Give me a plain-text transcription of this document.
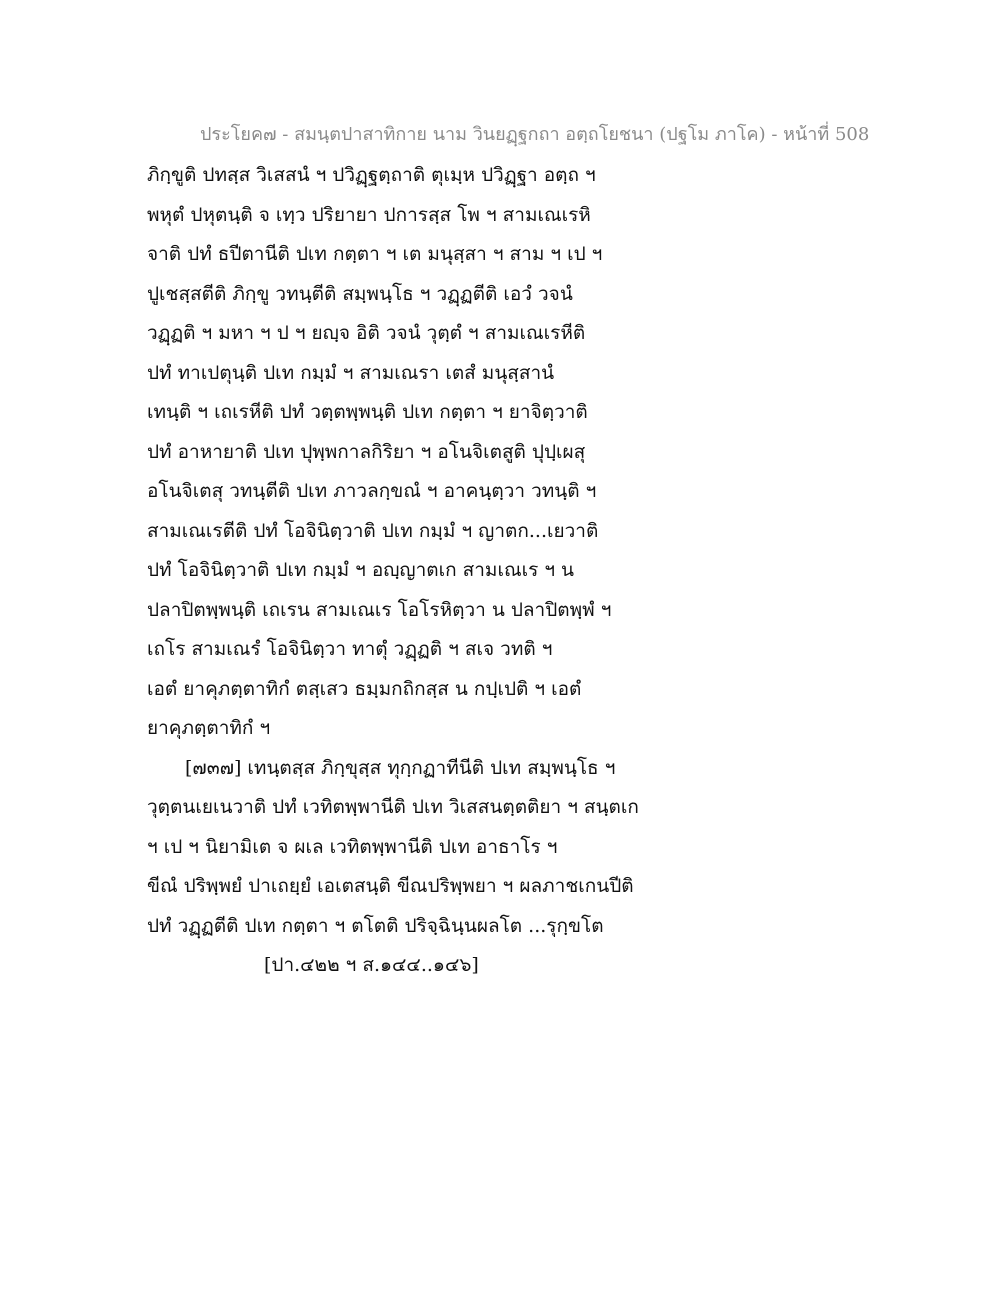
ประโยค๗ - สมนฺตปาสาทิกาย นาม วินยฏฺฐกถา อตฺถโยชนา (ปฐโม ภาโค) - หน้าที่ 508
ภิกฺขูติ ปทสฺส วิเสสนํ ฯ ปวิฏฺฐตฺถาติ ตุเมฺห ปวิฏฺฐา อตฺถ ฯ
พหุตํ ปหุตนฺติ จ เทฺว ปริยายา ปการสฺส โพ ฯ สามเณเรหิ
จาติ ปทํ ธปีตานีติ ปเท กตฺตา ฯ เต มนุสฺสา ฯ สาม ฯ เป ฯ
ปูเชสฺสตีติ ภิกฺขู วทนฺตีติ สมฺพนฺโธ ฯ วฏฺฏตีติ เอวํ วจนํ
วฏฺฏติ ฯ มหา ฯ ป ฯ ยญฺจ อิติ วจนํ วุตฺตํ ฯ สามเณเรหีติ
ปทํ ทาเปตุนฺติ ปเท กมฺมํ ฯ สามเณรา เตสํ มนุสฺสานํ
เทนฺติ ฯ เถเรหีติ ปทํ วตฺตพฺพนฺติ ปเท กตฺตา ฯ ยาจิตฺวาติ
ปทํ อาหายาติ ปเท ปุพฺพกาลกิริยา ฯ อโนจิเตสูติ ปุปฺเผสุ
อโนจิเตสุ วทนฺตีติ ปเท ภาวลกฺขณํ ฯ อาคนฺตฺวา วทนฺติ ฯ
สามเณเรตีติ ปทํ โอจินิตฺวาติ ปเท กมฺมํ ฯ ญาตก...เยวาติ
ปทํ โอจินิตฺวาติ ปเท กมฺมํ ฯ อญฺญาตเก สามเณเร ฯ น
ปลาปิตพฺพนฺติ เถเรน สามเณเร โอโรหิตฺวา น ปลาปิตพฺพํ ฯ
เถโร สามเณรํ โอจินิตฺวา ทาตุํ วฏฺฏติ ฯ สเจ วทติ ฯ
เอตํ ยาคุภตฺตาทิกํ ตสฺเสว ธมฺมกถิกสฺส น กปฺเปติ ฯ เอตํ
ยาคุภตฺตาทิกํ ฯ
[๗๓๗] เทนฺตสฺส ภิกฺขุสฺส ทุกฺกฏาทีนีติ ปเท สมฺพนฺโธ ฯ
วุตฺตนเยเนวาติ ปทํ เวทิตพฺพานีติ ปเท วิเสสนตฺตติยา ฯ สนฺตเก
ฯ เป ฯ นิยามิเต จ ผเล เวทิตพฺพานีติ ปเท อาธาโร ฯ
ขีณํ ปริพฺพยํ ปาเถยฺยํ เอเตสนฺติ ขีณปริพฺพยา ฯ ผลภาชเกนปีติ
ปทํ วฏฺฏตีติ ปเท กตฺตา ฯ ตโตติ ปริจฺฉินฺนผลโต ...รุกฺขโต
[ปา.๔๒๒ ฯ ส.๑๔๔..๑๔๖]
